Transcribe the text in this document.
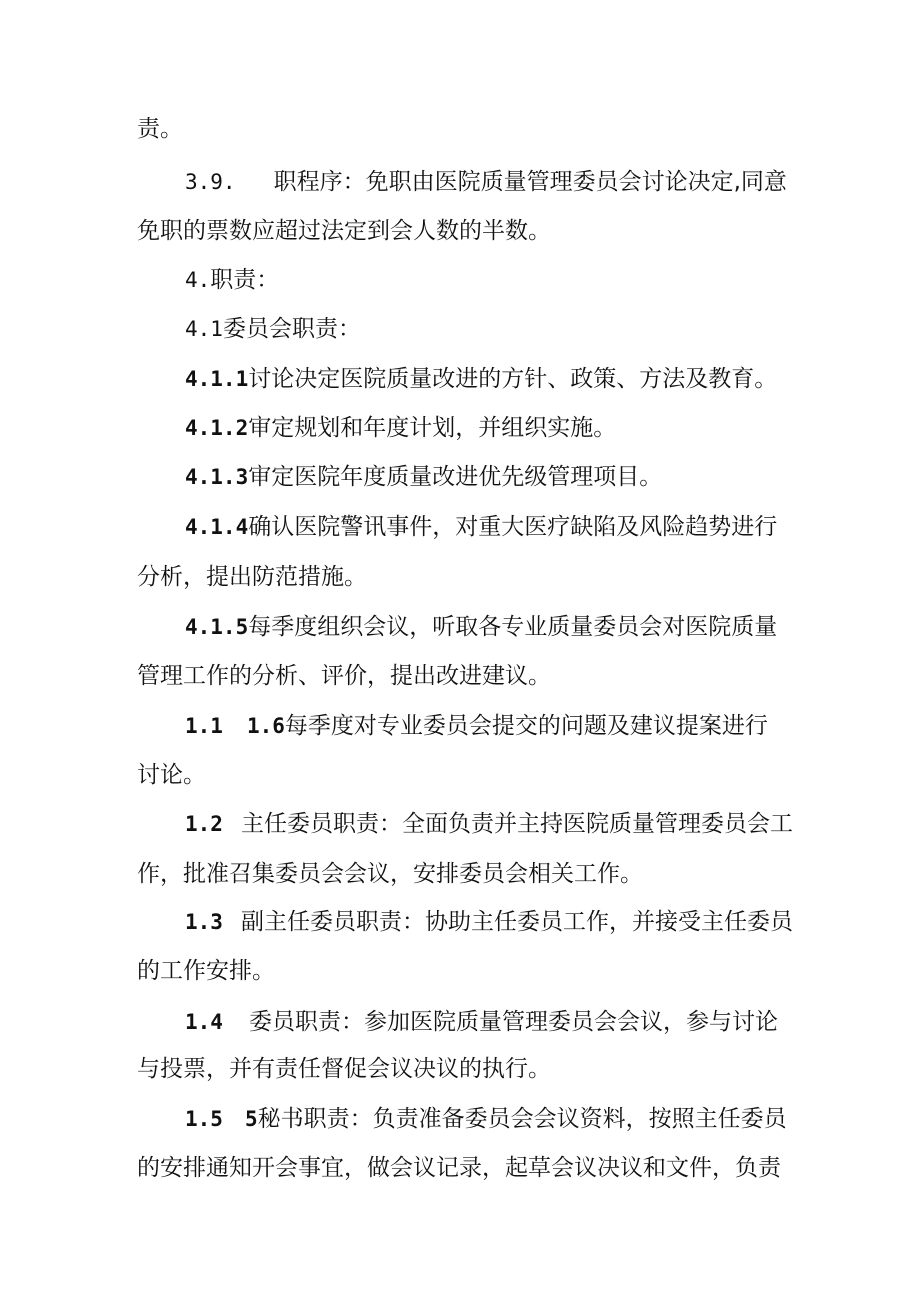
责。
3.9. 职程序：免职由医院质量管理委员会讨论决定,同意
免职的票数应超过法定到会人数的半数。
4.职责：
4.1委员会职责：
4.1.1讨论决定医院质量改进的方针、政策、方法及教育。
4.1.2审定规划和年度计划，并组织实施。
4.1.3审定医院年度质量改进优先级管理项目。
4.1.4确认医院警讯事件，对重大医疗缺陷及风险趋势进行
分析，提出防范措施。
4.1.5每季度组织会议，听取各专业质量委员会对医院质量
管理工作的分析、评价，提出改进建议。
1.1 1.6每季度对专业委员会提交的问题及建议提案进行
讨论。
1.2 主任委员职责：全面负责并主持医院质量管理委员会工
作，批准召集委员会会议，安排委员会相关工作。
1.3 副主任委员职责：协助主任委员工作，并接受主任委员
的工作安排。
1.4 委员职责：参加医院质量管理委员会会议，参与讨论
与投票，并有责任督促会议决议的执行。
1.5 5秘书职责：负责准备委员会会议资料，按照主任委员
的安排通知开会事宜，做会议记录，起草会议决议和文件，负责
